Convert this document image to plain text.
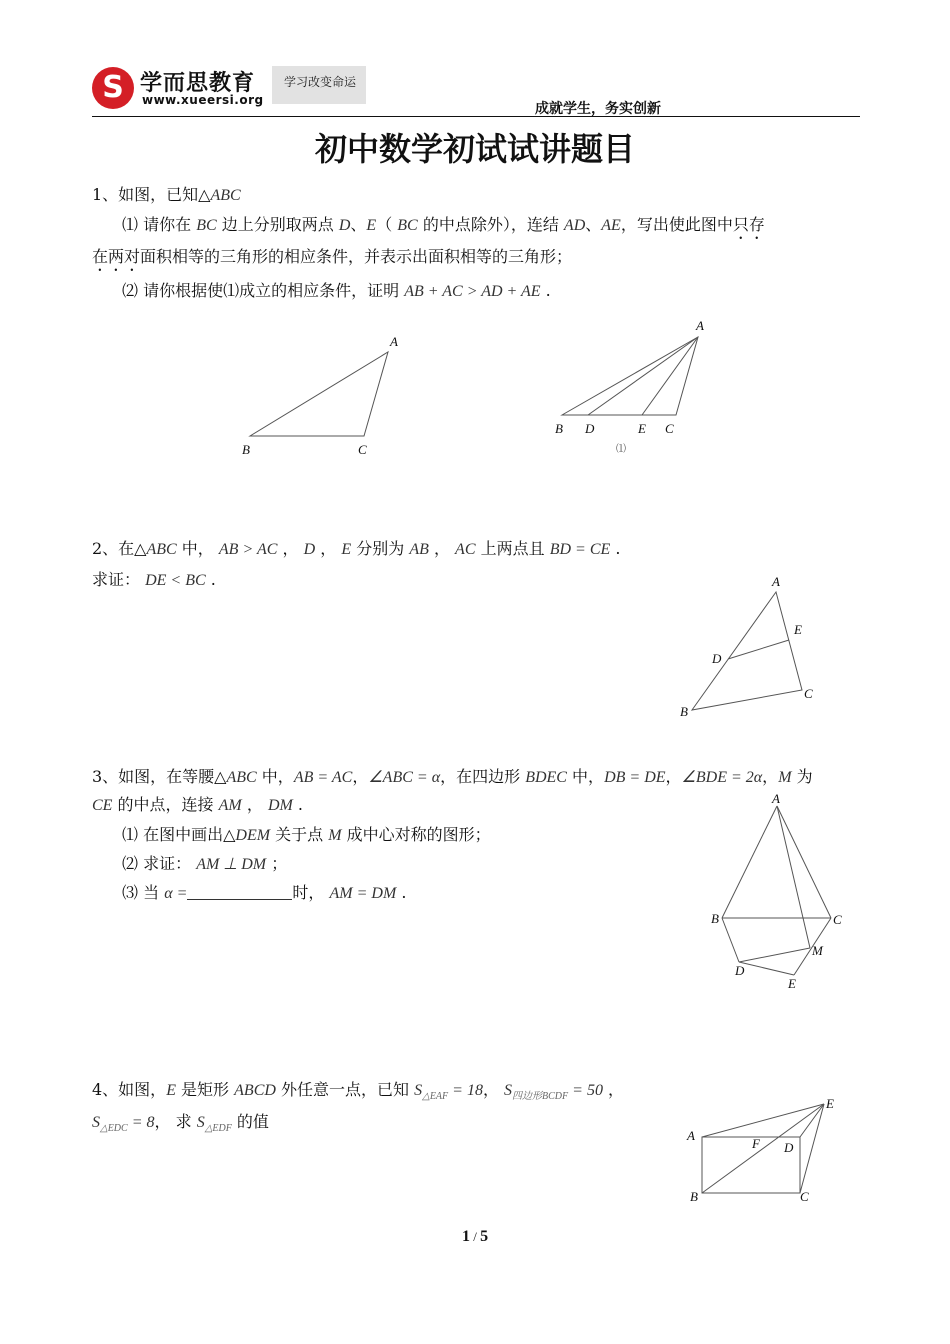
S 学而思教育
www.xueersi.org
学习改变命运
成就学生，务实创新
初中数学初试试讲题目
1、如图，已知△ABC
⑴ 请你在 BC 边上分别取两点 D、E（ BC 的中点除外），连结 AD、AE，写出使此图中只存
在两对面积相等的三角形的相应条件，并表示出面积相等的三角形；
⑵ 请你根据使⑴成立的相应条件，证明 AB + AC > AD + AE .
A
B	C
A
B D	E C
⑴
2、在△ABC 中， AB > AC ， D ， E 分别为 AB ， AC 上两点且 BD = CE .
求证： DE < BC .	A
E
D
C
B
3、如图，在等腰△ABC 中，AB = AC，∠ABC = α，在四边形 BDEC 中，DB = DE，∠BDE = 2α，M 为
CE 的中点，连接 AM ， DM .
⑴ 在图中画出△DEM 关于点 M 成中心对称的图形；
⑵ 求证： AM ⊥ DM ；
⑶ 当 α =	时， AM = DM .
A
B	C
M
D
E
4、如图，E 是矩形 ABCD 外任意一点，已知 $S_{\triangle EAF} = 18$， $S_{四边形BCDF} = 50$ ，
$S_{\triangle EDC} = 8$， 求 $S_{\triangle EDF}$ 的值
E
A
F D
B	C
1 / 5
